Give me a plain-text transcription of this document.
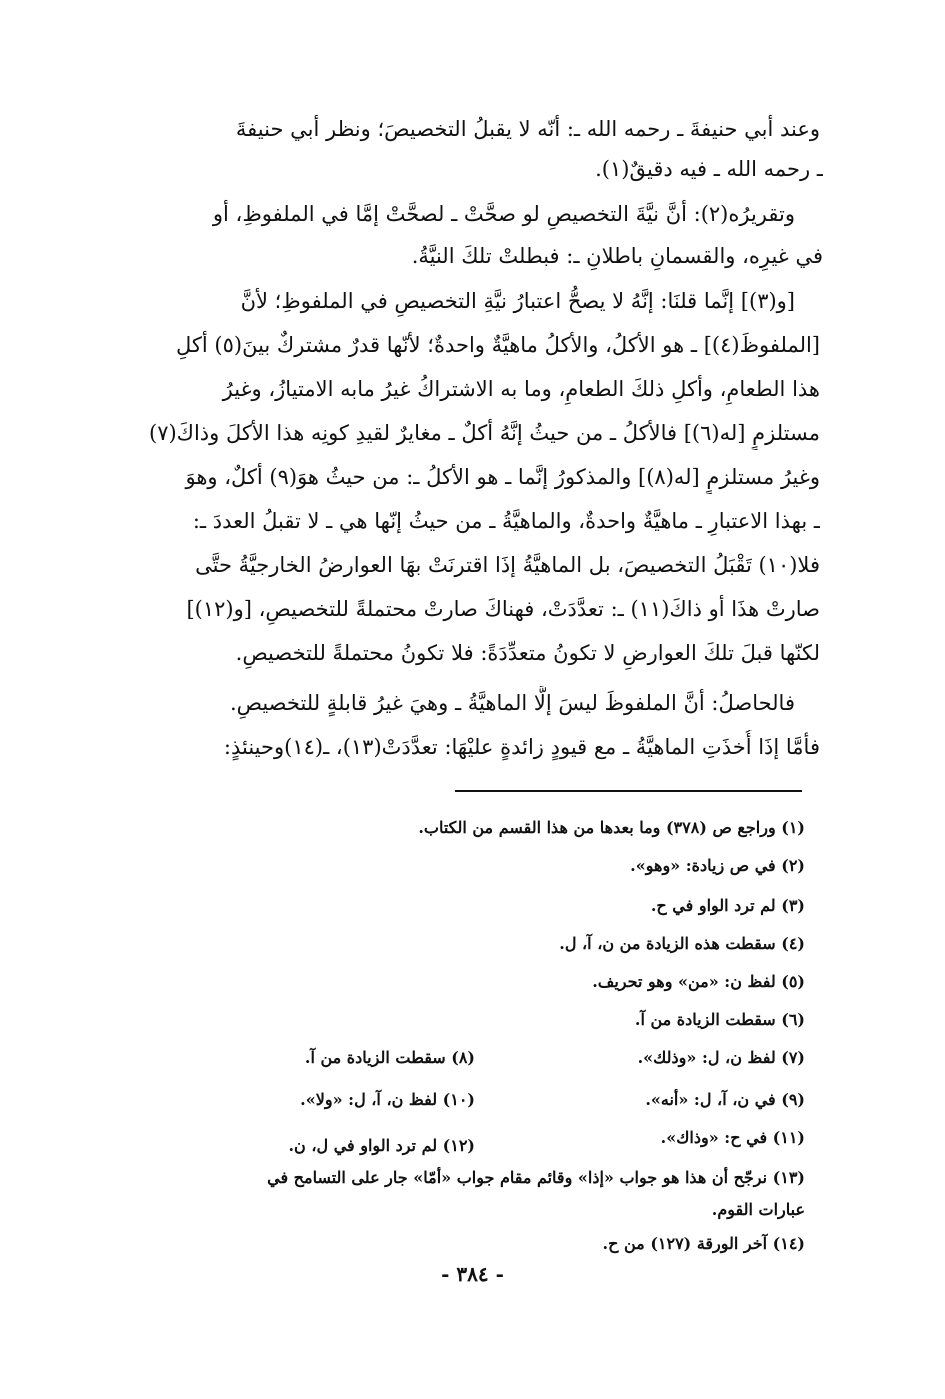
وعند أبي حنيفةَ ـ رحمه الله ـ: أنّه لا يقبلُ التخصيصَ؛ ونظر أبي حنيفةَ
ـ رحمه الله ـ فيه دقيقٌ(١).
وتقريرُه(٢): أنَّ نيَّةَ التخصيصِ لو صحَّتْ ـ لصحَّتْ إمَّا في الملفوظِ، أو
في غيرِه، والقسمانِ باطلانِ ـ: فبطلتْ تلكَ النيَّةُ.
[و(٣)] إنَّما قلنَا: إنَّهُ لا يصحُّ اعتبارُ نيَّةِ التخصيصِ في الملفوظِ؛ لأنَّ
[الملفوظَ(٤)] ـ هو الأكلُ، والأكلُ ماهيَّةٌ واحدةٌ؛ لأنّها قدرٌ مشتركٌ بينَ(٥) أكلِ
هذا الطعامِ، وأكلِ ذلكَ الطعامِ، وما به الاشتراكُ غيرُ مابه الامتيازُ، وغيرُ
مستلزمٍ [له(٦)] فالأكلُ ـ من حيثُ إنَّهُ أكلٌ ـ مغايرٌ لقيدِ كونِه هذا الأكلَ وذاكَ(٧)
وغيرُ مستلزمٍ [له(٨)] والمذكورُ إنَّما ـ هو الأكلُ ـ: من حيثُ هوَ(٩) أكلٌ، وهوَ
ـ بهذا الاعتبارِ ـ ماهيَّةٌ واحدةٌ، والماهيَّةُ ـ من حيثُ إنّها هي ـ لا تقبلُ العددَ ـ:
فلا(١٠) تَقْبَلُ التخصيصَ، بل الماهيَّةُ إذَا اقترنَتْ بهَا العوارضُ الخارجيَّةُ حتَّى
صارتْ هذَا أو ذاكَ(١١) ـ: تعدَّدَتْ، فهناكَ صارتْ محتملةً للتخصيصِ، [و(١٢)]
لكنّها قبلَ تلكَ العوارضِ لا تكونُ متعدِّدَةً: فلا تكونُ محتملةً للتخصيصِ.
فالحاصلُ: أنَّ الملفوظَ ليسَ إلَّا الماهيَّةُ ـ وهيَ غيرُ قابلةٍ للتخصيصِ.
فأمَّا إذَا أُخذَتِ الماهيَّةُ ـ مع قيودٍ زائدةٍ عليْهَا: تعدَّدَتْ(١٣)، ـ(١٤)وحينئذٍ:
(١) وراجع ص (٣٧٨) وما بعدها من هذا القسم من الكتاب.
(٢) في ص زيادة: «وهو».
(٣) لم ترد الواو في ح.
(٤) سقطت هذه الزيادة من ن، آ، ل.
(٥) لفظ ن: «من» وهو تحريف.
(٦) سقطت الزيادة من آ.
(٧) لفظ ن، ل: «وذلك».
(٨) سقطت الزيادة من آ.
(٩) في ن، آ، ل: «أنه».
(١٠) لفظ ن، آ، ل: «ولا».
(١١) في ح: «وذاك».
(١٢) لم ترد الواو في ل، ن.
(١٣) نرجّح أن هذا هو جواب «إذا» وقائم مقام جواب «أمّا» جار على التسامح في
عبارات القوم.
(١٤) آخر الورقة (١٢٧) من ح.
- ٣٨٤ -
